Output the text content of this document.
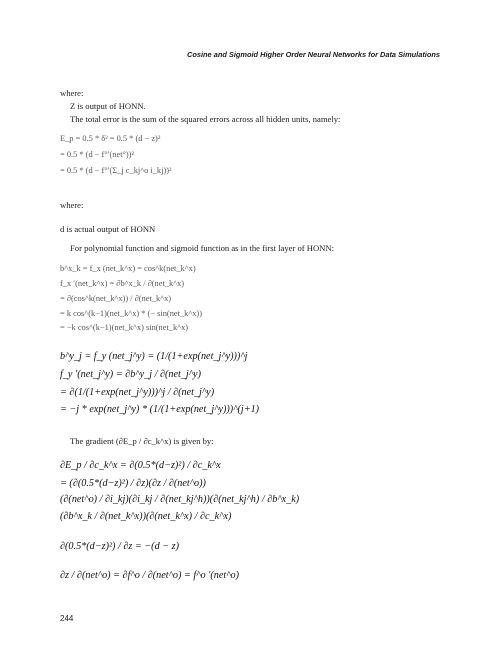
Cosine and Sigmoid Higher Order Neural Networks for Data Simulations
where:
Z is output of HONN.
The total error is the sum of the squared errors across all hidden units, namely:
E_p = 0.5 * δ² = 0.5 * (d − z)²
= 0.5 * (d − f°′(net°))²
= 0.5 * (d − f°′(Σ_j c_kj^o i_kj))²
where:
d is actual output of HONN
For polynomial function and sigmoid function as in the first layer of HONN:
b^x_k = f_x (net_k^x) = cos^k(net_k^x)
f_x ′(net_k^x) = ∂b^x_k / ∂(net_k^x)
= ∂(cos^k(net_k^x)) / ∂(net_k^x)
= k cos^(k−1)(net_k^x) * (− sin(net_k^x))
= −k cos^(k−1)(net_k^x) sin(net_k^x)
b^y_j = f_y (net_j^y) = (1/(1+exp(net_j^y)))^j
f_y ′(net_j^y) = ∂b^y_j / ∂(net_j^y)
= ∂(1/(1+exp(net_j^y)))^j / ∂(net_j^y)
= −j * exp(net_j^y) * (1/(1+exp(net_j^y)))^(j+1)
The gradient (∂E_p / ∂c_k^x) is given by:
∂E_p / ∂c_k^x = ∂(0.5*(d−z)²) / ∂c_k^x
= (∂(0.5*(d−z)²) / ∂z)(∂z / ∂(net^o))
(∂(net^o) / ∂i_kj)(∂i_kj / ∂(net_kj^h))(∂(net_kj^h) / ∂b^x_k)
(∂b^x_k / ∂(net_k^x))(∂(net_k^x) / ∂c_k^x)
∂(0.5*(d−z)²) / ∂z = −(d − z)
∂z / ∂(net^o) = ∂f^o / ∂(net^o) = f^o ′(net^o)
244
